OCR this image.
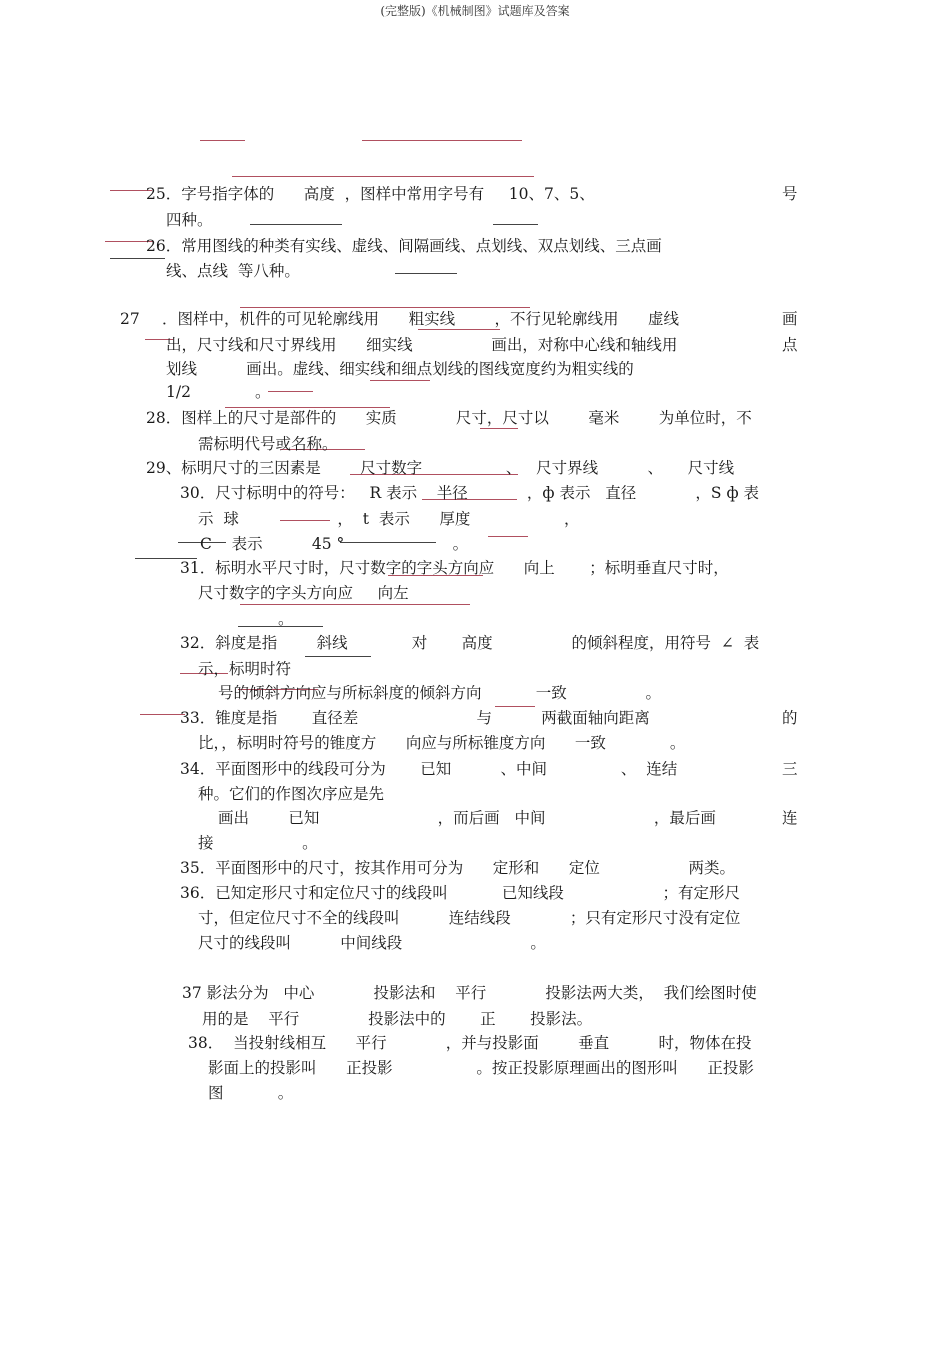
(完整版)《机械制图》试题库及答案
25．字号指字体的      高度  ，图样中常用字号有     10、7、5、	号
四种。
26．常用图线的种类有实线、虚线、间隔画线、点划线、双点划线、三点画
线、点线  等八种。
27 ．图样中，机件的可见轮廓线用      粗实线        ，不行见轮廓线用      虚线	画
出，尺寸线和尺寸界线用      细实线                画出，对称中心线和轴线用	点
划线          画出。虚线、细实线和细点划线的图线宽度约为粗实线的
1/2             。
28．图样上的尺寸是部件的      实质            尺寸，尺寸以        毫米        为单位时，不
需标明代号或名称。
29、标明尺寸的三因素是        尺寸数字                 、   尺寸界线          、     尺寸线
30．尺寸标明中的符号：   R 表示    半径            ，ф 表示   直径            ，S ф 表
示  球                    ，  t  表示      厚度                   ，
C    表示          45 °                      。
31．标明水平尺寸时，尺寸数字的字头方向应      向上       ；标明垂直尺寸时，
尺寸数字的字头方向应     向左
。
32．斜度是指        斜线             对       高度                的倾斜程度，用符号  ∠  表
示，标明时符
号的倾斜方向应与所标斜度的倾斜方向           一致                。
33．锥度是指       直径差                        与          两截面轴向距离	的
比，，标明时符号的锥度方      向应与所标锥度方向      一致             。
34．平面图形中的线段可分为       已知          、中间               、  连结	三
种。它们的作图次序应是先
画出        已知                        ，而后画   中间                      ，最后画	连
接                  。
35．平面图形中的尺寸，按其作用可分为      定形和      定位                  两类。
36．已知定形尺寸和定位尺寸的线段叫           已知线段                    ；有定形尺
寸，但定位尺寸不全的线段叫          连结线段            ；只有定形尺寸没有定位
尺寸的线段叫          中间线段                          。
37 影法分为   中心            投影法和    平行            投影法两大类，  我们绘图时使
用的是    平行              投影法中的       正       投影法。
38．  当投射线相互      平行            ，并与投影面        垂直          时，物体在投
影面上的投影叫      正投影                 。按正投影原理画出的图形叫      正投影
图           。
